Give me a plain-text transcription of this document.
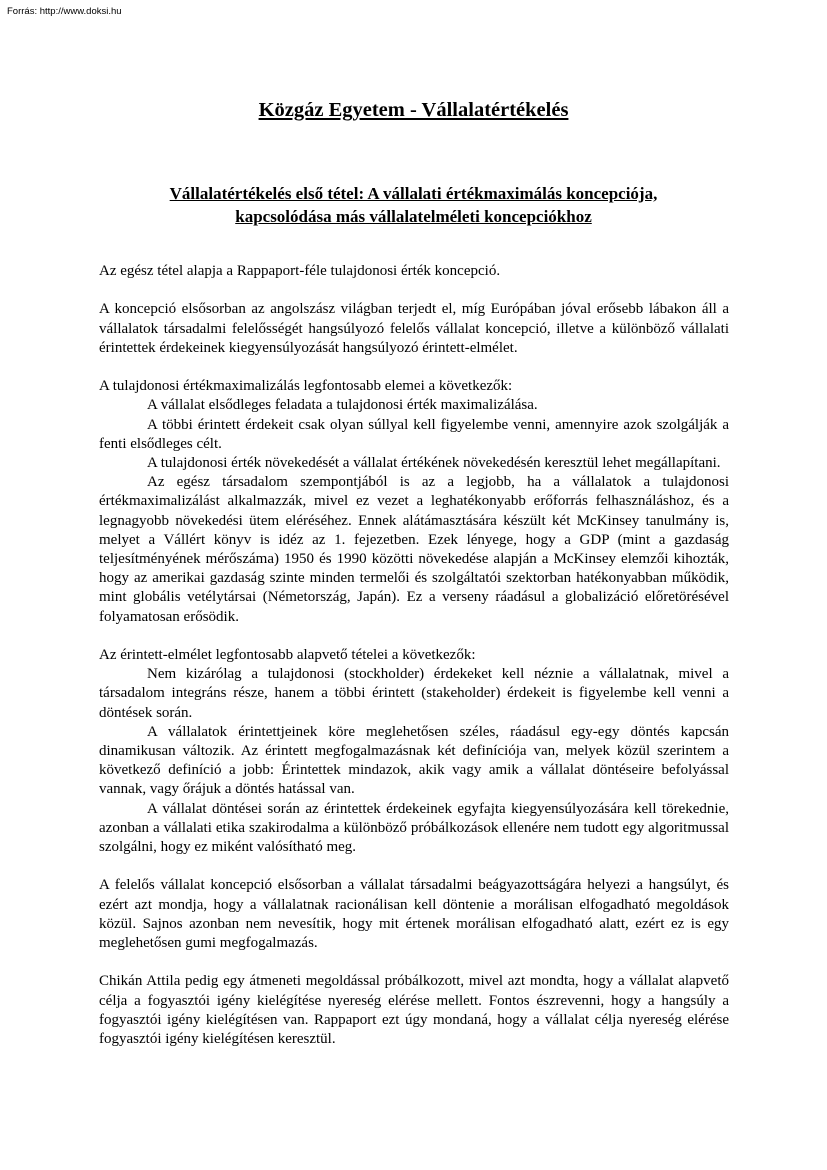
Forrás: http://www.doksi.hu
Közgáz Egyetem - Vállalatértékelés
Vállalatértékelés első tétel: A vállalati értékmaximálás koncepciója,
kapcsolódása más vállalatelméleti koncepciókhoz

Az egész tétel alapja a Rappaport-féle tulajdonosi érték koncepció.

A koncepció elsősorban az angolszász világban terjedt el, míg Európában jóval erősebb lábakon áll a vállalatok társadalmi felelősségét hangsúlyozó felelős vállalat koncepció, illetve a különböző vállalati érintettek érdekeinek kiegyensúlyozását hangsúlyozó érintett-elmélet.

A tulajdonosi értékmaximalizálás legfontosabb elemei a következők:

A vállalat elsődleges feladata a tulajdonosi érték maximalizálása.

A többi érintett érdekeit csak olyan súllyal kell figyelembe venni, amennyire azok szolgálják a fenti elsődleges célt.

A tulajdonosi érték növekedését a vállalat értékének növekedésén keresztül lehet megállapítani.

Az egész társadalom szempontjából is az a legjobb, ha a vállalatok a tulajdonosi értékmaximalizálást alkalmazzák, mivel ez vezet a leghatékonyabb erőforrás felhasználáshoz, és a legnagyobb növekedési ütem eléréséhez. Ennek alátámasztására készült két McKinsey tanulmány is, melyet a Vállért könyv is idéz az 1. fejezetben. Ezek lényege, hogy a GDP (mint a gazdaság teljesítményének mérőszáma) 1950 és 1990 közötti növekedése alapján a McKinsey elemzői kihozták, hogy az amerikai gazdaság szinte minden termelői és szolgáltatói szektorban hatékonyabban működik, mint globális vetélytársai (Németország, Japán). Ez a verseny ráadásul a globalizáció előretörésével folyamatosan erősödik.

Az érintett-elmélet legfontosabb alapvető tételei a következők:

Nem kizárólag a tulajdonosi (stockholder) érdekeket kell néznie a vállalatnak, mivel a társadalom integráns része, hanem a többi érintett (stakeholder) érdekeit is figyelembe kell venni a döntések során.

A vállalatok érintettjeinek köre meglehetősen széles, ráadásul egy-egy döntés kapcsán dinamikusan változik. Az érintett megfogalmazásnak két definíciója van, melyek közül szerintem a következő definíció a jobb: Érintettek mindazok, akik vagy amik a vállalat döntéseire befolyással vannak, vagy őrájuk a döntés hatással van.

A vállalat döntései során az érintettek érdekeinek egyfajta kiegyensúlyozására kell törekednie, azonban a vállalati etika szakirodalma a különböző próbálkozások ellenére nem tudott egy algoritmussal szolgálni, hogy ez miként valósítható meg.

A felelős vállalat koncepció elsősorban a vállalat társadalmi beágyazottságára helyezi a hangsúlyt, és ezért azt mondja, hogy a vállalatnak racionálisan kell döntenie a morálisan elfogadható megoldások közül. Sajnos azonban nem nevesítik, hogy mit értenek morálisan elfogadható alatt, ezért ez is egy meglehetősen gumi megfogalmazás.

Chikán Attila pedig egy átmeneti megoldással próbálkozott, mivel azt mondta, hogy a vállalat alapvető célja a fogyasztói igény kielégítése nyereség elérése mellett. Fontos észrevenni, hogy a hangsúly a fogyasztói igény kielégítésen van. Rappaport ezt úgy mondaná, hogy a vállalat célja nyereség elérése fogyasztói igény kielégítésen keresztül.
